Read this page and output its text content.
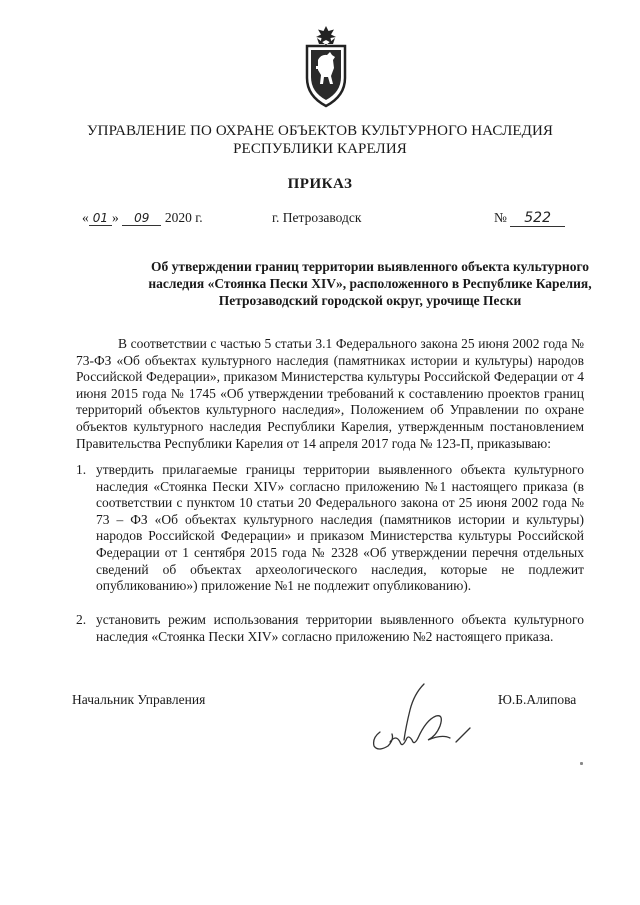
УПРАВЛЕНИЕ ПО ОХРАНЕ ОБЪЕКТОВ КУЛЬТУРНОГО НАСЛЕДИЯ
РЕСПУБЛИКИ КАРЕЛИЯ
ПРИКАЗ
« 01 » 09 2020 г.	г. Петрозаводск	№ 522
Об утверждении границ территории выявленного объекта культурного
наследия «Стоянка Пески XIV», расположенного в Республике Карелия,
Петрозаводский городской округ, урочище Пески

В соответствии с частью 5 статьи 3.1 Федерального закона 25 июня 2002 года № 73-ФЗ «Об объектах культурного наследия (памятниках истории и культуры) народов Российской Федерации», приказом Министерства культуры Российской Федерации от 4 июня 2015 года № 1745 «Об утверждении требований к составлению проектов границ территорий объектов культурного наследия», Положением об Управлении по охране объектов культурного наследия Республики Карелия, утвержденным постановлением Правительства Республики Карелия от 14 апреля 2017 года № 123-П, приказываю:

1. утвердить прилагаемые границы территории выявленного объекта культурного наследия «Стоянка Пески XIV» согласно приложению №1 настоящего приказа (в соответствии с пунктом 10 статьи 20 Федерального закона от 25 июня 2002 года № 73 – ФЗ «Об объектах культурного наследия (памятников истории и культуры) народов Российской Федерации» и приказом Министерства культуры Российской Федерации от 1 сентября 2015 года № 2328 «Об утверждении перечня отдельных сведений об объектах археологического наследия, которые не подлежит опубликованию») приложение №1 не подлежит опубликованию).
2. установить режим использования территории выявленного объекта культурного наследия «Стоянка Пески XIV» согласно приложению №2 настоящего приказа.
Начальник Управления	Ю.Б.Алипова
